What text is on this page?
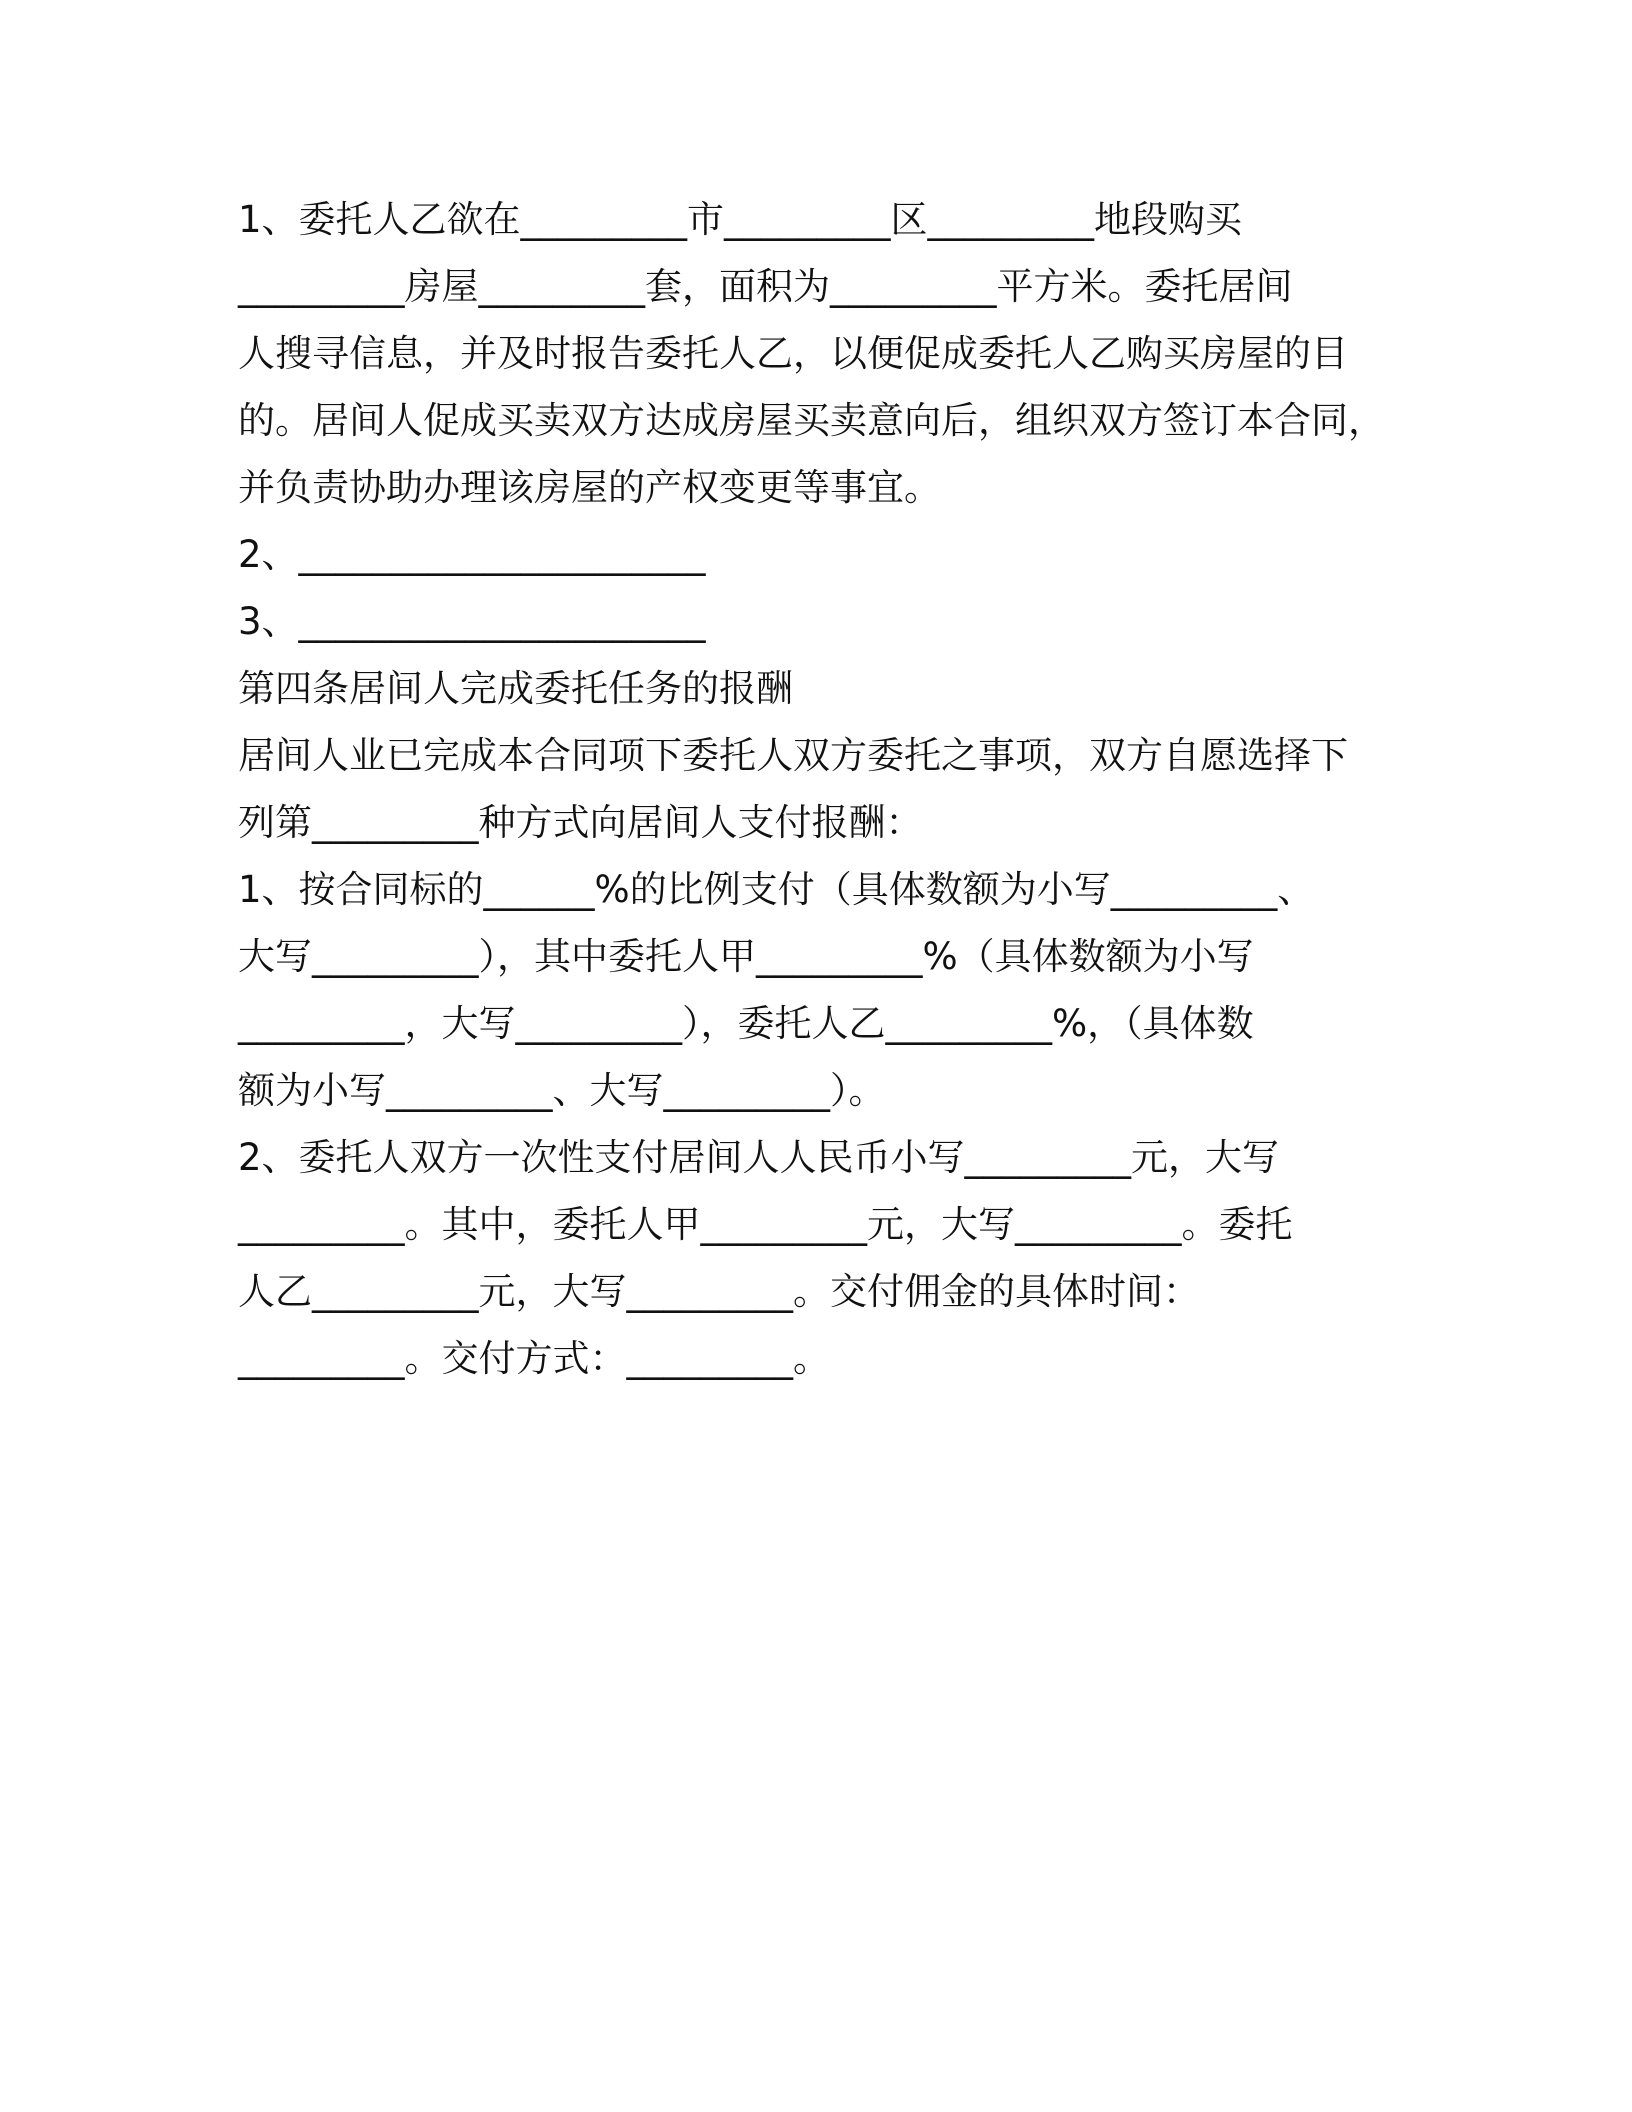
1、委托人乙欲在_________市_________区_________地段购买
_________房屋_________套，面积为_________平方米。委托居间
人搜寻信息，并及时报告委托人乙，以便促成委托人乙购买房屋的目
的。居间人促成买卖双方达成房屋买卖意向后，组织双方签订本合同，
并负责协助办理该房屋的产权变更等事宜。
2、______________________
3、______________________
第四条居间人完成委托任务的报酬
居间人业已完成本合同项下委托人双方委托之事项，双方自愿选择下
列第_________种方式向居间人支付报酬：
1、按合同标的______%的比例支付（具体数额为小写_________、
大写_________），其中委托人甲_________%（具体数额为小写
_________，大写_________），委托人乙_________%，（具体数
额为小写_________、大写_________）。
2、委托人双方一次性支付居间人人民币小写_________元，大写
_________。其中，委托人甲_________元，大写_________。委托
人乙_________元，大写_________。交付佣金的具体时间：
_________。交付方式：_________。
